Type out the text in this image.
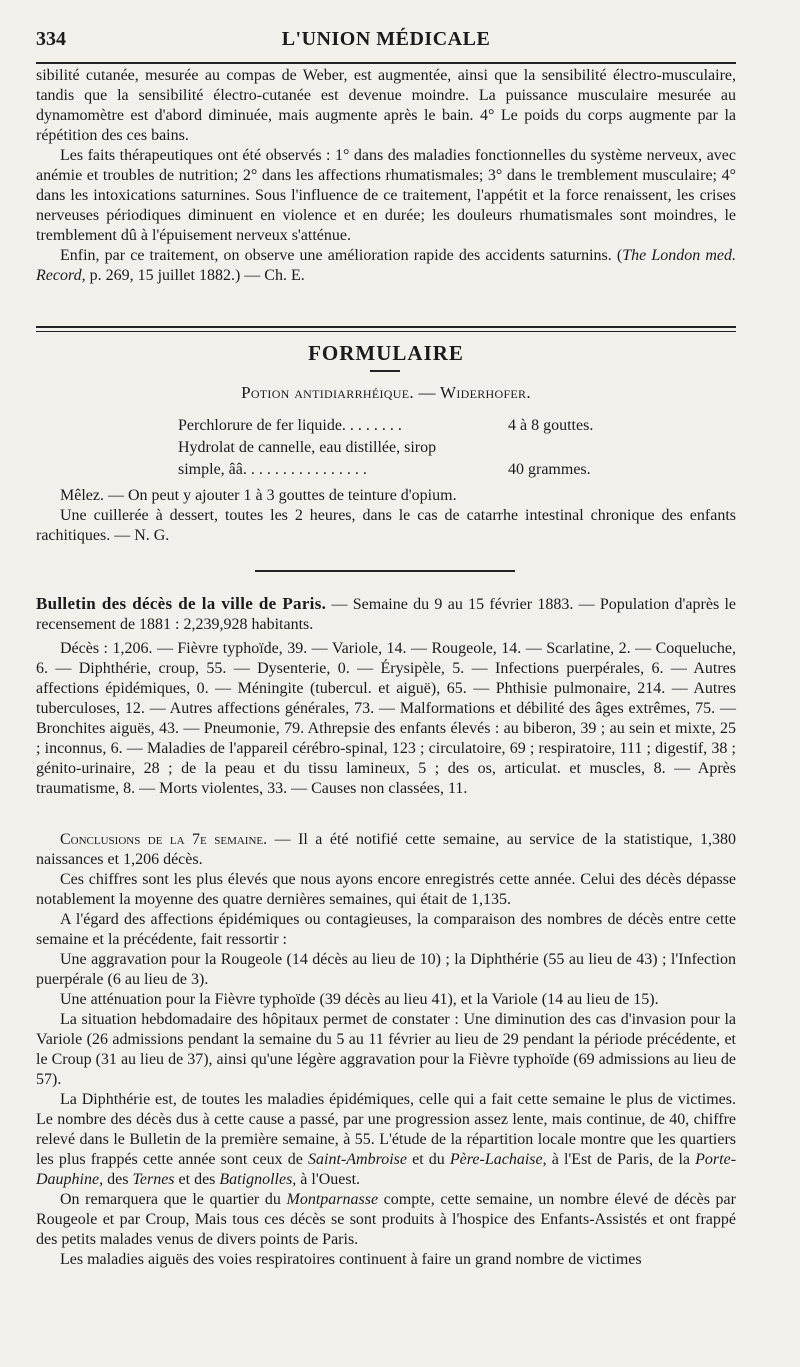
334	L'UNION MÉDICALE

sibilité cutanée, mesurée au compas de Weber, est augmentée, ainsi que la sensibilité électro-musculaire, tandis que la sensibilité électro-cutanée est devenue moindre. La puissance musculaire mesurée au dynamomètre est d'abord diminuée, mais augmente après le bain. 4° Le poids du corps augmente par la répétition des ces bains.

Les faits thérapeutiques ont été observés : 1° dans des maladies fonctionnelles du système nerveux, avec anémie et troubles de nutrition; 2° dans les affections rhumatismales; 3° dans le tremblement musculaire; 4° dans les intoxications saturnines. Sous l'influence de ce traitement, l'appétit et la force renaissent, les crises nerveuses périodiques diminuent en violence et en durée; les douleurs rhumatismales sont moindres, le tremblement dû à l'épuisement nerveux s'atténue.

Enfin, par ce traitement, on observe une amélioration rapide des accidents saturnins. (The London med. Record, p. 269, 15 juillet 1882.) — Ch. E.

FORMULAIRE
Potion antidiarrhéique. — Widerhofer.
Perchlorure de fer liquide. . . . . . . .	4 à 8 gouttes.
Hydrolat de cannelle, eau distillée, sirop
simple, ââ. . . . . . . . . . . . . . . .	40 grammes.

Mêlez. — On peut y ajouter 1 à 3 gouttes de teinture d'opium.

Une cuillerée à dessert, toutes les 2 heures, dans le cas de catarrhe intestinal chronique des enfants rachitiques. — N. G.

Bulletin des décès de la ville de Paris. — Semaine du 9 au 15 février 1883. — Population d'après le recensement de 1881 : 2,239,928 habitants.

Décès : 1,206. — Fièvre typhoïde, 39. — Variole, 14. — Rougeole, 14. — Scarlatine, 2. — Coqueluche, 6. — Diphthérie, croup, 55. — Dysenterie, 0. — Érysipèle, 5. — Infections puerpérales, 6. — Autres affections épidémiques, 0. — Méningite (tubercul. et aiguë), 65. — Phthisie pulmonaire, 214. — Autres tuberculoses, 12. — Autres affections générales, 73. — Malformations et débilité des âges extrêmes, 75. — Bronchites aiguës, 43. — Pneumonie, 79. Athrepsie des enfants élevés : au biberon, 39 ; au sein et mixte, 25 ; inconnus, 6. — Maladies de l'appareil cérébro-spinal, 123 ; circulatoire, 69 ; respiratoire, 111 ; digestif, 38 ; génito-urinaire, 28 ; de la peau et du tissu lamineux, 5 ; des os, articulat. et muscles, 8. — Après traumatisme, 8. — Morts violentes, 33. — Causes non classées, 11.

Conclusions de la 7e semaine. — Il a été notifié cette semaine, au service de la statistique, 1,380 naissances et 1,206 décès.

Ces chiffres sont les plus élevés que nous ayons encore enregistrés cette année. Celui des décès dépasse notablement la moyenne des quatre dernières semaines, qui était de 1,135.

A l'égard des affections épidémiques ou contagieuses, la comparaison des nombres de décès entre cette semaine et la précédente, fait ressortir :

Une aggravation pour la Rougeole (14 décès au lieu de 10) ; la Diphthérie (55 au lieu de 43) ; l'Infection puerpérale (6 au lieu de 3).

Une atténuation pour la Fièvre typhoïde (39 décès au lieu 41), et la Variole (14 au lieu de 15).

La situation hebdomadaire des hôpitaux permet de constater : Une diminution des cas d'invasion pour la Variole (26 admissions pendant la semaine du 5 au 11 février au lieu de 29 pendant la période précédente, et le Croup (31 au lieu de 37), ainsi qu'une légère aggravation pour la Fièvre typhoïde (69 admissions au lieu de 57).

La Diphthérie est, de toutes les maladies épidémiques, celle qui a fait cette semaine le plus de victimes. Le nombre des décès dus à cette cause a passé, par une progression assez lente, mais continue, de 40, chiffre relevé dans le Bulletin de la première semaine, à 55. L'étude de la répartition locale montre que les quartiers les plus frappés cette année sont ceux de Saint-Ambroise et du Père-Lachaise, à l'Est de Paris, de la Porte-Dauphine, des Ternes et des Batignolles, à l'Ouest.

On remarquera que le quartier du Montparnasse compte, cette semaine, un nombre élevé de décès par Rougeole et par Croup, Mais tous ces décès se sont produits à l'hospice des Enfants-Assistés et ont frappé des petits malades venus de divers points de Paris.

Les maladies aiguës des voies respiratoires continuent à faire un grand nombre de victimes
